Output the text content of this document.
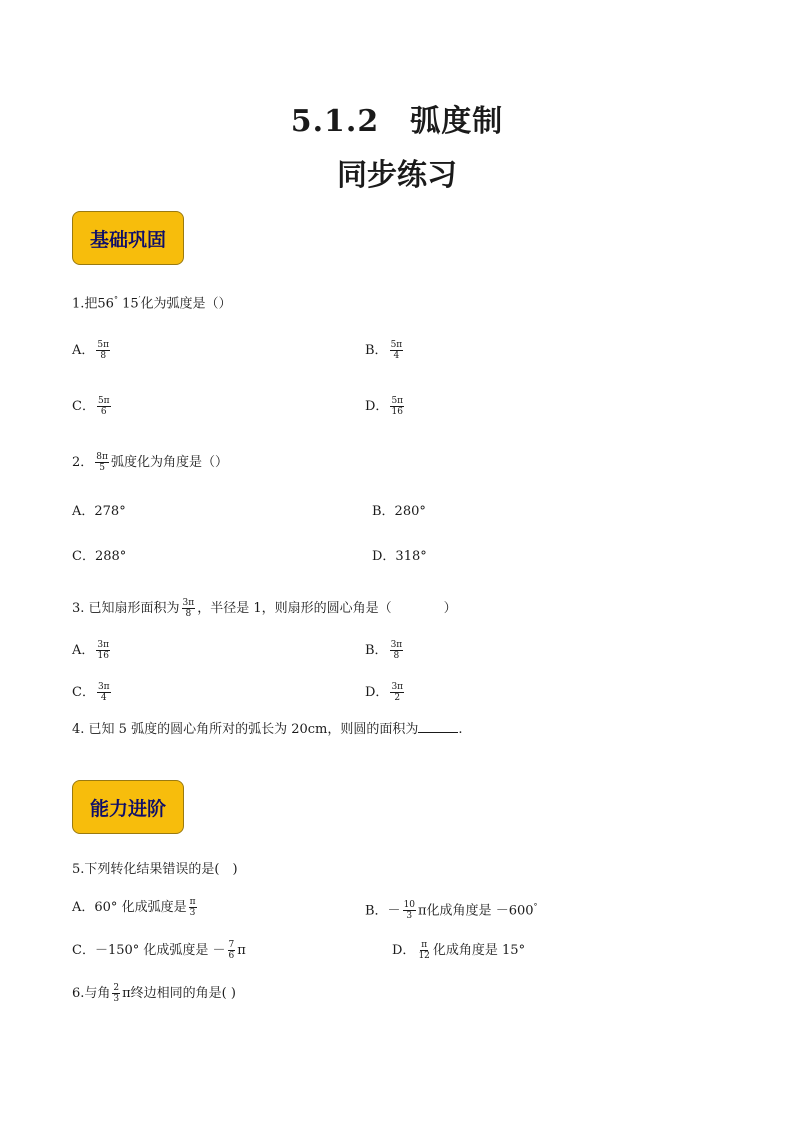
5.1.2　弧度制
同步练习
基础巩固
1.把56° 15′化为弧度是（）
A． $\frac{5\pi}{8}$	B． $\frac{5\pi}{4}$
C． $\frac{5\pi}{6}$	D． $\frac{5\pi}{16}$
2． $\frac{8\pi}{5}$ 弧度化为角度是（）
A．278°	B．280°
C．288°	D．318°
3. 已知扇形面积为 $\frac{3\pi}{8}$ ，半径是 1，则扇形的圆心角是（　　　　）
A． $\frac{3\pi}{16}$	B． $\frac{3\pi}{8}$
C． $\frac{3\pi}{4}$	D． $\frac{3\pi}{2}$
4. 已知 5 弧度的圆心角所对的弧长为 20cm，则圆的面积为	.
能力进阶
5.下列转化结果错误的是(　)
A．60° 化成弧度是 $\frac{\pi}{3}$	B．－ $\frac{10}{3}$ π化成角度是 －600°
C．－150° 化成弧度是 － $\frac{7}{6}$ π	D． $\frac{\pi}{12}$ 化成角度是 15°
6.与角 $\frac{2}{3}$ π终边相同的角是( )
